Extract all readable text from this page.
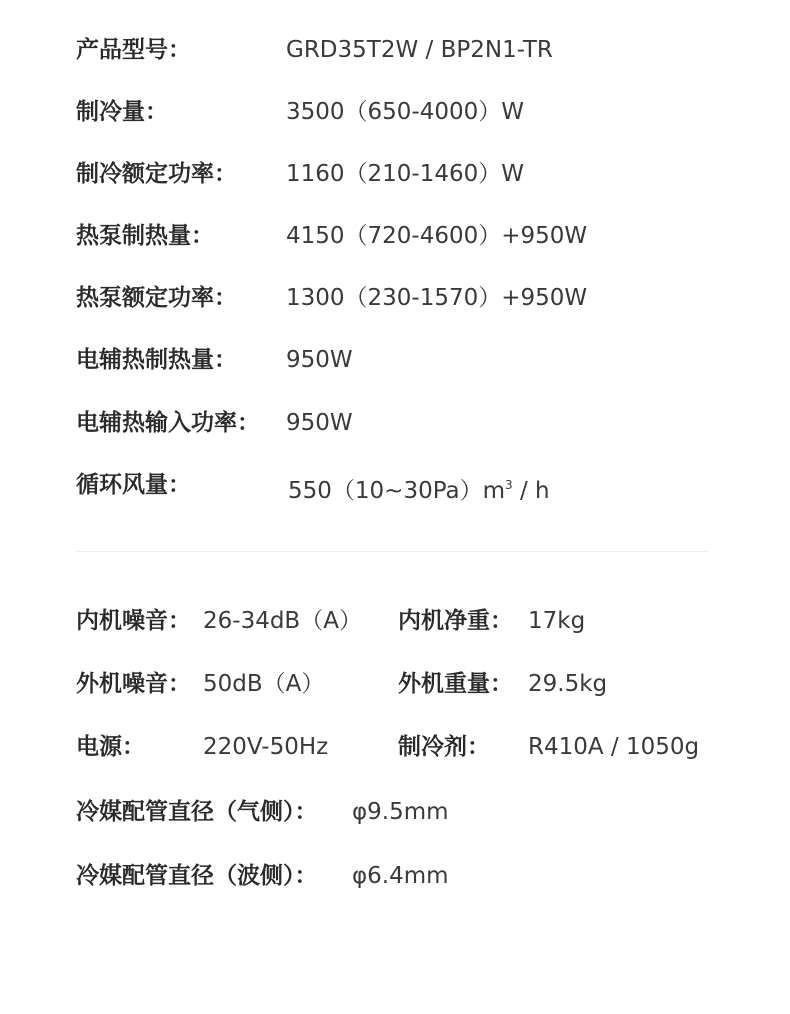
产品型号：	GRD35T2W / BP2N1-TR
制冷量：	3500（650-4000）W
制冷额定功率： 1160（210-1460）W
热泵制热量：	4150（720-4600）+950W
热泵额定功率： 1300（230-1570）+950W
电辅热制热量： 950W
电辅热输入功率： 950W
循环风量：	$550(10\sim 30Pa)m^3$ / h
内机噪音： 26-34dB（A） 内机净重： 17kg
外机噪音： 50dB（A）	外机重量： 29.5kg
电源：	220V-50Hz	制冷剂： R410A / 1050g
冷媒配管直径（气侧）： φ9.5mm
冷媒配管直径（波侧）： φ6.4mm
